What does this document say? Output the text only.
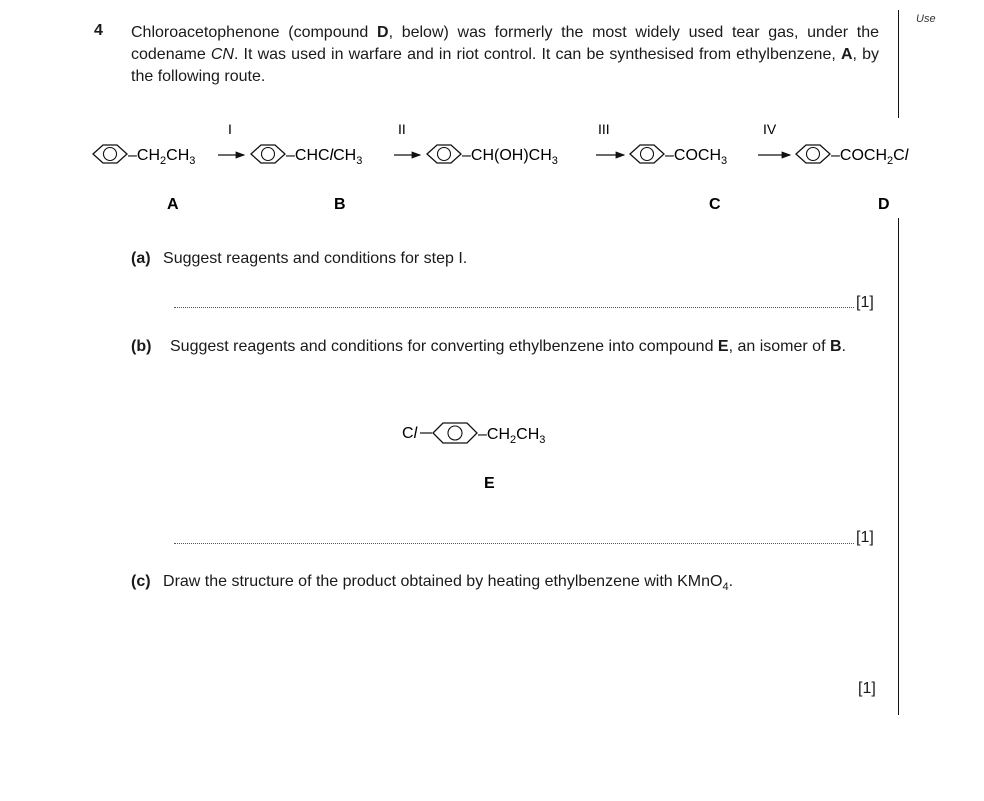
Use
4 Chloroacetophenone (compound D, below) was formerly the most widely used tear gas, under the codename CN. It was used in warfare and in riot control. It can be synthesised from ethylbenzene, A, by the following route.
$-CH_2CH_3$
A
I
–CHClCH$_3$
B
II
$-CH(OH)CH_3$
III
$-COCH_3$
C
IV
$-COCH_2Cl$
D
(a) Suggest reagents and conditions for step I.
[1]
(b) Suggest reagents and conditions for converting ethylbenzene into compound E, an isomer of B.
Cl	$-CH_2CH_3$
E
[1]
(c) Draw the structure of the product obtained by heating ethylbenzene with KMnO$_4$.
[1]
